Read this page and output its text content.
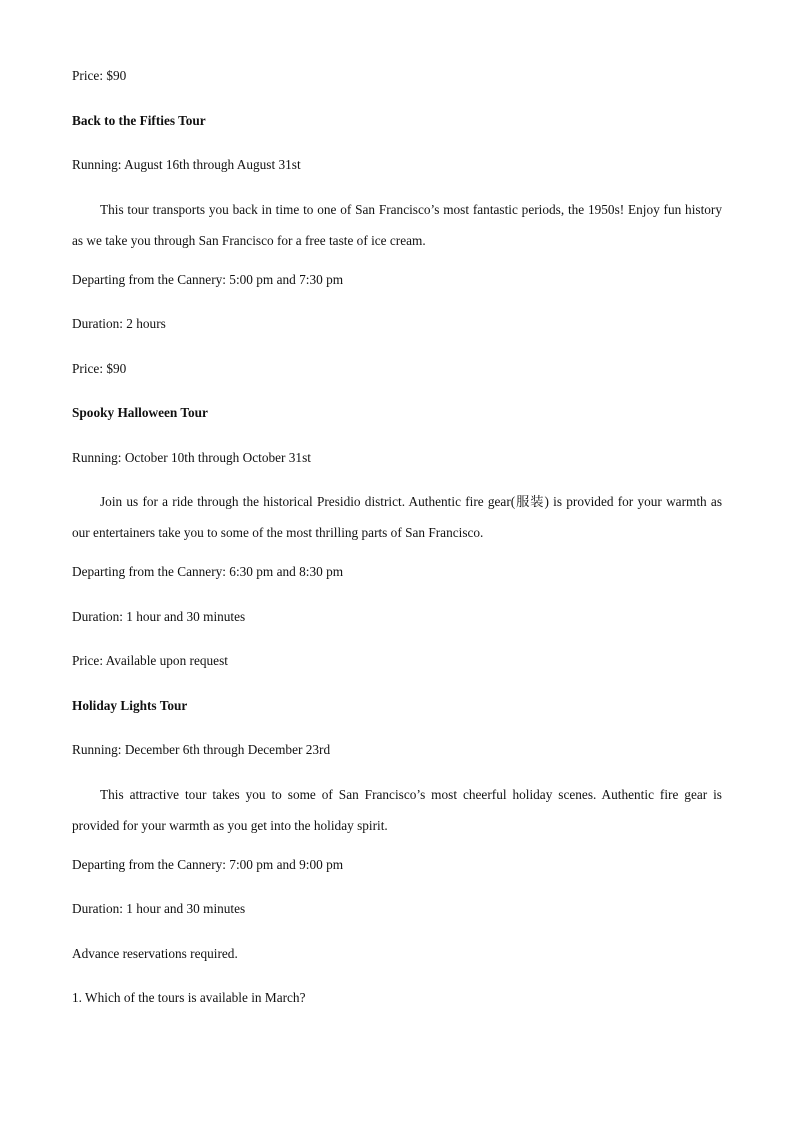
Price: $90
Back to the Fifties Tour
Running: August 16th through August 31st
This tour transports you back in time to one of San Francisco’s most fantastic periods, the 1950s! Enjoy fun history as we take you through San Francisco for a free taste of ice cream.
Departing from the Cannery: 5:00 pm and 7:30 pm
Duration: 2 hours
Price: $90
Spooky Halloween Tour
Running: October 10th through October 31st
Join us for a ride through the historical Presidio district. Authentic fire gear(服装) is provided for your warmth as our entertainers take you to some of the most thrilling parts of San Francisco.
Departing from the Cannery: 6:30 pm and 8:30 pm
Duration: 1 hour and 30 minutes
Price: Available upon request
Holiday Lights Tour
Running: December 6th through December 23rd
This attractive tour takes you to some of San Francisco’s most cheerful holiday scenes. Authentic fire gear is provided for your warmth as you get into the holiday spirit.
Departing from the Cannery: 7:00 pm and 9:00 pm
Duration: 1 hour and 30 minutes
Advance reservations required.
1. Which of the tours is available in March?
